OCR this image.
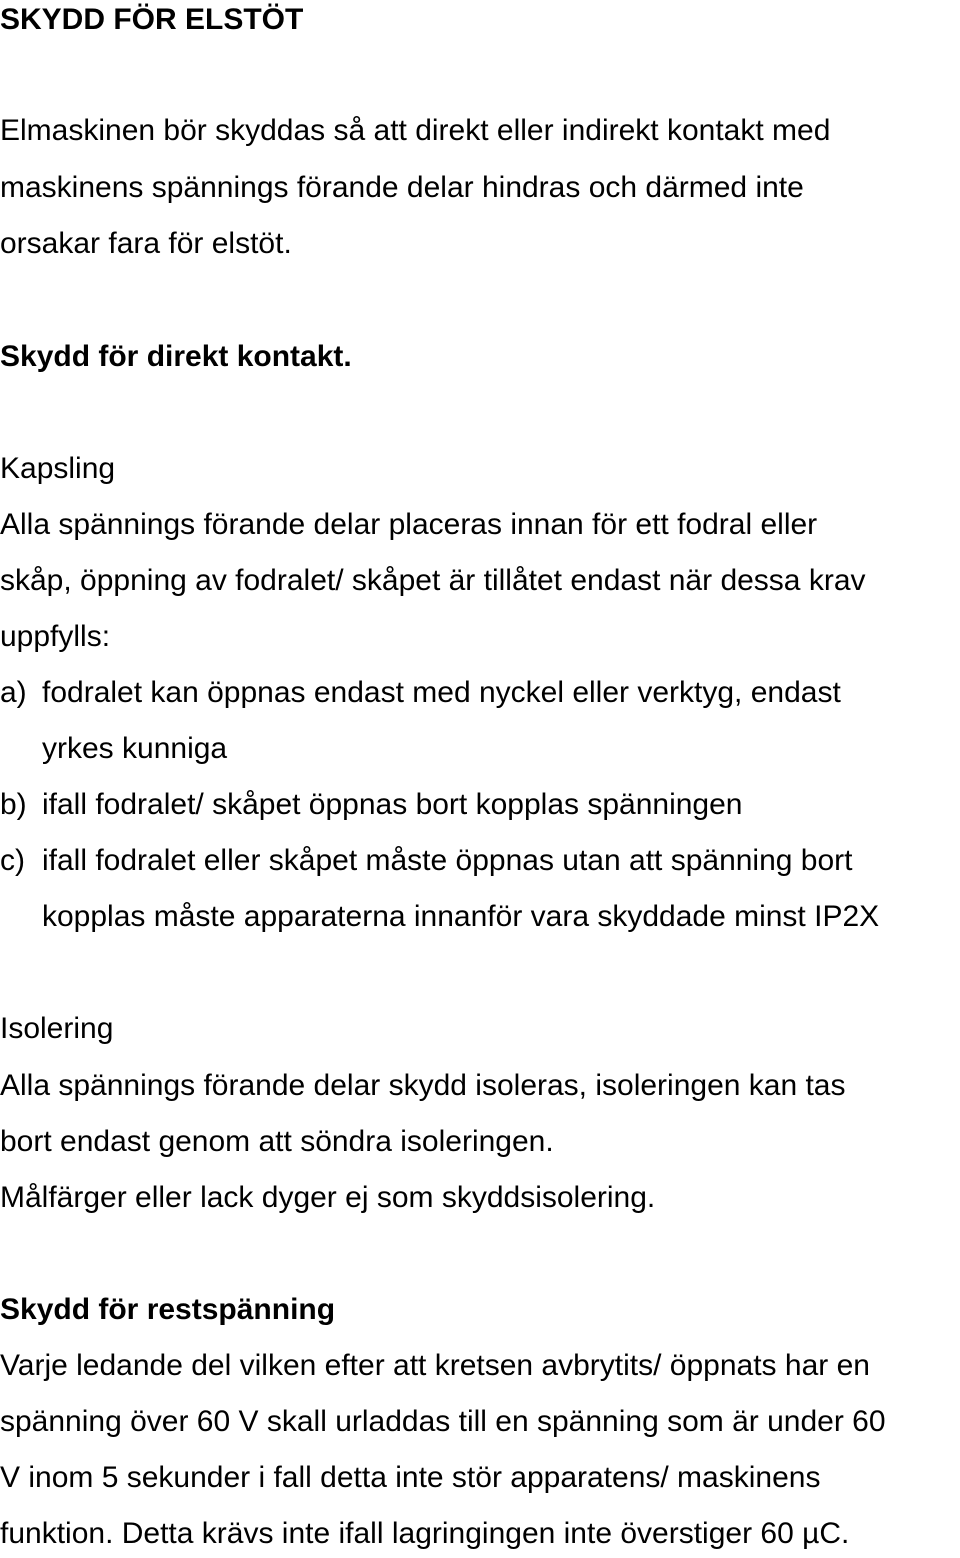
SKYDD FÖR ELSTÖT
Elmaskinen bör skyddas så att direkt eller indirekt kontakt med
maskinens spännings förande delar hindras och därmed inte
orsakar fara för elstöt.
Skydd för direkt kontakt.
Kapsling
Alla spännings förande delar placeras innan för ett fodral eller
skåp, öppning av fodralet/ skåpet är tillåtet endast när dessa krav
uppfylls:
a) fodralet kan öppnas endast med nyckel eller verktyg, endast
yrkes kunniga
b) ifall fodralet/ skåpet öppnas bort kopplas spänningen
c) ifall fodralet eller skåpet måste öppnas utan att spänning bort
kopplas måste apparaterna innanför vara skyddade minst IP2X
Isolering
Alla spännings förande delar skydd isoleras, isoleringen kan tas
bort endast genom att söndra isoleringen.
Målfärger eller lack dyger ej som skyddsisolering.
Skydd för restspänning
Varje ledande del vilken efter att kretsen avbrytits/ öppnats har en
spänning över 60 V skall urladdas till en spänning som är under 60
V inom 5 sekunder i fall detta inte stör apparatens/ maskinens
funktion. Detta krävs inte ifall lagringingen inte överstiger 60 µC.
